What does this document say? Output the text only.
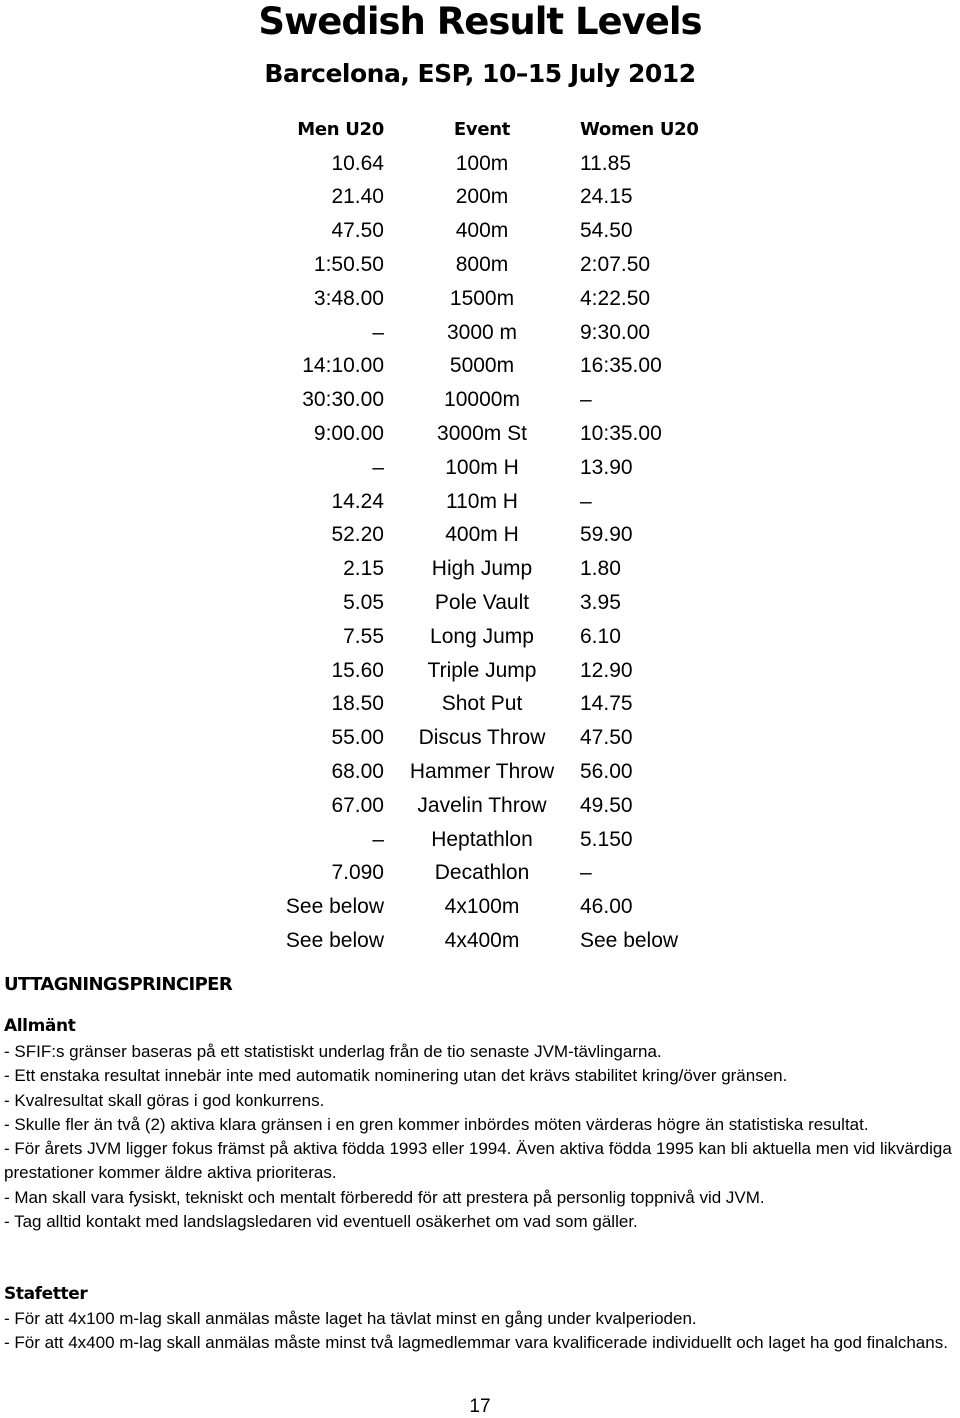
Swedish Result Levels
Barcelona, ESP, 10–15 July 2012
Men U20	Event	Women U20
10.64	100m	11.85
21.40	200m	24.15
47.50	400m	54.50
1:50.50	800m	2:07.50
3:48.00	1500m	4:22.50
–	3000 m	9:30.00
14:10.00	5000m	16:35.00
30:30.00	10000m	–
9:00.00	3000m St	10:35.00
–	100m H	13.90
14.24	110m H	–
52.20	400m H	59.90
2.15	High Jump	1.80
5.05	Pole Vault	3.95
7.55	Long Jump	6.10
15.60	Triple Jump	12.90
18.50	Shot Put	14.75
55.00	Discus Throw	47.50
68.00	Hammer Throw	56.00
67.00	Javelin Throw	49.50
–	Heptathlon	5.150
7.090	Decathlon	–
See below	4x100m	46.00
See below	4x400m	See below
UTTAGNINGSPRINCIPER
Allmänt

- SFIF:s gränser baseras på ett statistiskt underlag från de tio senaste JVM-tävlingarna.

- Ett enstaka resultat innebär inte med automatik nominering utan det krävs stabilitet kring/över gränsen.

- Kvalresultat skall göras i god konkurrens.

- Skulle fler än två (2) aktiva klara gränsen i en gren kommer inbördes möten värderas högre än statistiska resultat.

- För årets JVM ligger fokus främst på aktiva födda 1993 eller 1994. Även aktiva födda 1995 kan bli aktuella men vid likvärdiga prestationer kommer äldre aktiva prioriteras.

- Man skall vara fysiskt, tekniskt och mentalt förberedd för att prestera på personlig toppnivå vid JVM.

- Tag alltid kontakt med landslagsledaren vid eventuell osäkerhet om vad som gäller.

Stafetter

- För att 4x100 m-lag skall anmälas måste laget ha tävlat minst en gång under kvalperioden.

- För att 4x400 m-lag skall anmälas måste minst två lagmedlemmar vara kvalificerade individuellt och laget ha god finalchans.

17
